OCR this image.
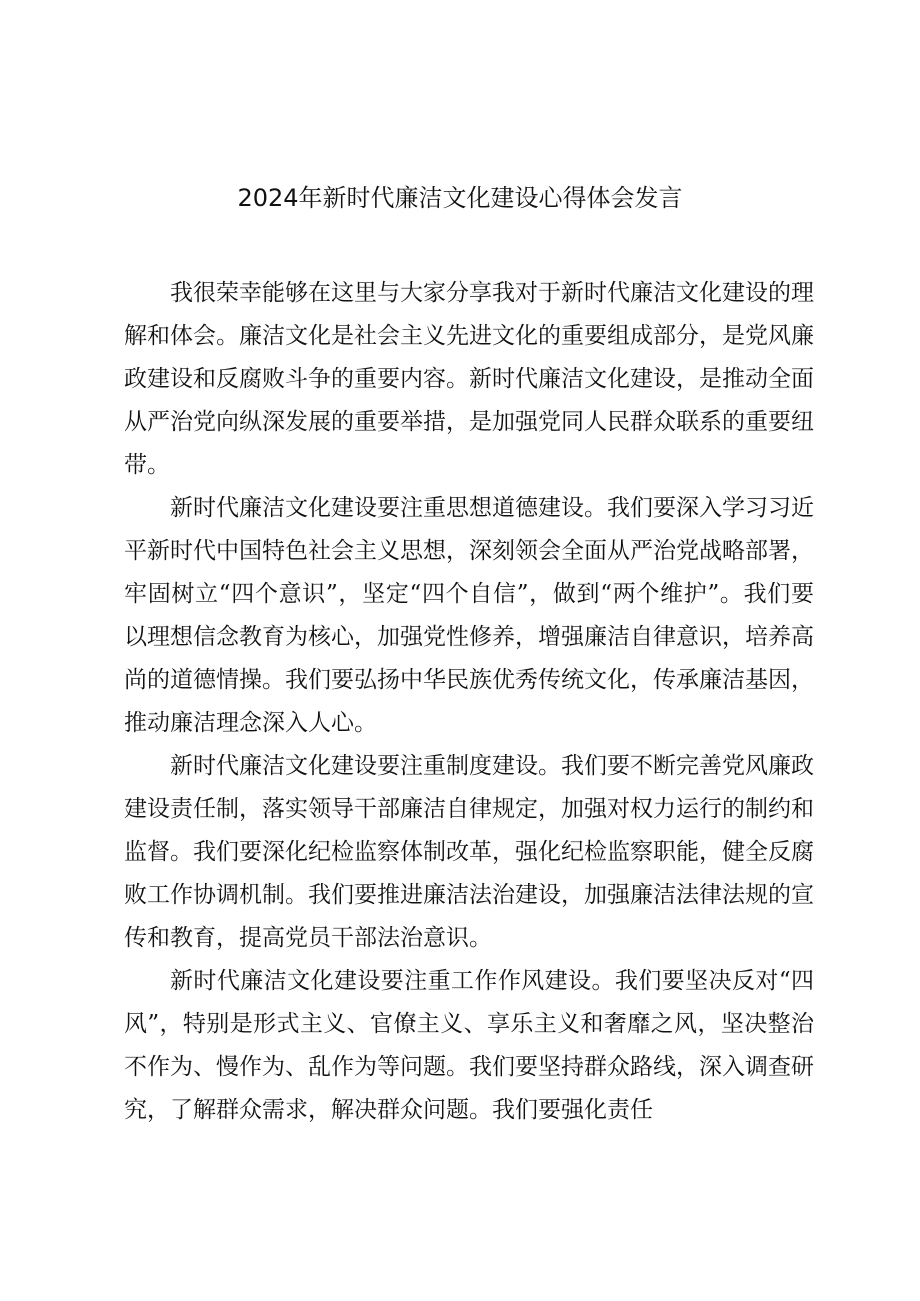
2024年新时代廉洁文化建设心得体会发言

我很荣幸能够在这里与大家分享我对于新时代廉洁文化建设的理解和体会。廉洁文化是社会主义先进文化的重要组成部分，是党风廉政建设和反腐败斗争的重要内容。新时代廉洁文化建设，是推动全面从严治党向纵深发展的重要举措，是加强党同人民群众联系的重要纽带。

新时代廉洁文化建设要注重思想道德建设。我们要深入学习习近平新时代中国特色社会主义思想，深刻领会全面从严治党战略部署，牢固树立“四个意识”，坚定“四个自信”，做到“两个维护”。我们要以理想信念教育为核心，加强党性修养，增强廉洁自律意识，培养高尚的道德情操。我们要弘扬中华民族优秀传统文化，传承廉洁基因，推动廉洁理念深入人心。

新时代廉洁文化建设要注重制度建设。我们要不断完善党风廉政建设责任制，落实领导干部廉洁自律规定，加强对权力运行的制约和监督。我们要深化纪检监察体制改革，强化纪检监察职能，健全反腐败工作协调机制。我们要推进廉洁法治建设，加强廉洁法律法规的宣传和教育，提高党员干部法治意识。

新时代廉洁文化建设要注重工作作风建设。我们要坚决反对“四风”，特别是形式主义、官僚主义、享乐主义和奢靡之风，坚决整治不作为、慢作为、乱作为等问题。我们要坚持群众路线，深入调查研究，了解群众需求，解决群众问题。我们要强化责任
